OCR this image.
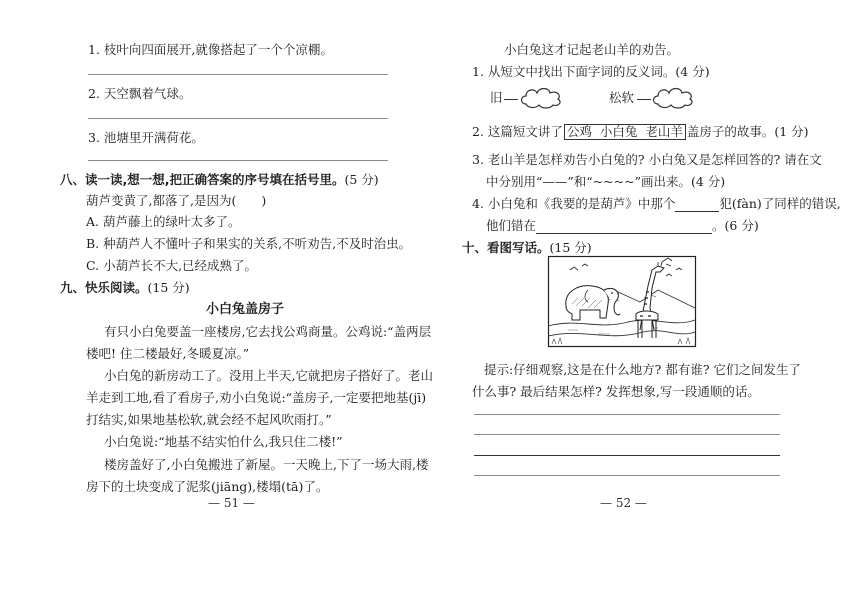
1. 枝叶向四面展开,就像搭起了一个个凉棚。
2. 天空飘着气球。
3. 池塘里开满荷花。
八、读一读,想一想,把正确答案的序号填在括号里。(5 分)
葫芦变黄了,都落了,是因为(　　)
A. 葫芦藤上的绿叶太多了。
B. 种葫芦人不懂叶子和果实的关系,不听劝告,不及时治虫。
C. 小葫芦长不大,已经成熟了。
九、快乐阅读。(15 分)
小白兔盖房子
有只小白兔要盖一座楼房,它去找公鸡商量。公鸡说:“盖两层
楼吧! 住二楼最好,冬暖夏凉。”
小白兔的新房动工了。没用上半天,它就把房子搭好了。老山
羊走到工地,看了看房子,劝小白兔说:“盖房子,一定要把地基(jī)
打结实,如果地基松软,就会经不起风吹雨打。”
小白兔说:“地基不结实怕什么,我只住二楼!”
楼房盖好了,小白兔搬进了新屋。一天晚上,下了一场大雨,楼
房下的土块变成了泥浆(jiāng),楼塌(tā)了。
— 51 —
小白兔这才记起老山羊的劝告。
1. 从短文中找出下面字词的反义词。(4 分)
旧	松软
2. 这篇短文讲了 公鸡 小白兔 老山羊 盖房子的故事。(1 分)
3. 老山羊是怎样劝告小白兔的? 小白兔又是怎样回答的? 请在文
中分别用“——”和“~~~~”画出来。(4 分)
4. 小白兔和《我要的是葫芦》中那个	犯(fàn)了同样的错误,
他们错在	。(6 分)
十、看图写话。(15 分)
提示:仔细观察,这是在什么地方? 都有谁? 它们之间发生了
什么事? 最后结果怎样? 发挥想象,写一段通顺的话。
— 52 —
